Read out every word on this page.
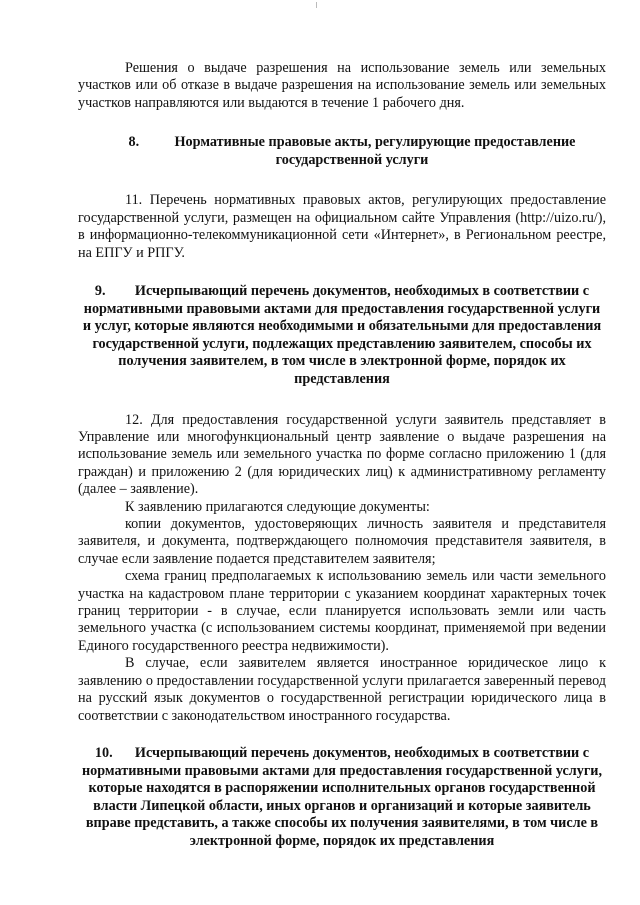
Решения о выдаче разрешения на использование земель или земельных участков или об отказе в выдаче разрешения на использование земель или земельных участков направляются или выдаются в течение 1 рабочего дня.

8. Нормативные правовые акты, регулирующие предоставление государственной услуги

11. Перечень нормативных правовых актов, регулирующих предоставление государственной услуги, размещен на официальном сайте Управления (http://uizo.ru/), в информационно-телекоммуникационной сети «Интернет», в Региональном реестре, на ЕПГУ и РПГУ.

9. Исчерпывающий перечень документов, необходимых в соответствии с нормативными правовыми актами для предоставления государственной услуги и услуг, которые являются необходимыми и обязательными для предоставления государственной услуги, подлежащих представлению заявителем, способы их получения заявителем, в том числе в электронной форме, порядок их представления

12. Для предоставления государственной услуги заявитель представляет в Управление или многофункциональный центр заявление о выдаче разрешения на использование земель или земельного участка по форме согласно приложению 1 (для граждан) и приложению 2 (для юридических лиц) к административному регламенту (далее – заявление).

К заявлению прилагаются следующие документы:

копии документов, удостоверяющих личность заявителя и представителя заявителя, и документа, подтверждающего полномочия представителя заявителя, в случае если заявление подается представителем заявителя;

схема границ предполагаемых к использованию земель или части земельного участка на кадастровом плане территории с указанием координат характерных точек границ территории - в случае, если планируется использовать земли или часть земельного участка (с использованием системы координат, применяемой при ведении Единого государственного реестра недвижимости).

В случае, если заявителем является иностранное юридическое лицо к заявлению о предоставлении государственной услуги прилагается заверенный перевод на русский язык документов о государственной регистрации юридического лица в соответствии с законодательством иностранного государства.

10. Исчерпывающий перечень документов, необходимых в соответствии с нормативными правовыми актами для предоставления государственной услуги, которые находятся в распоряжении исполнительных органов государственной власти Липецкой области, иных органов и организаций и которые заявитель вправе представить, а также способы их получения заявителями, в том числе в электронной форме, порядок их представления
